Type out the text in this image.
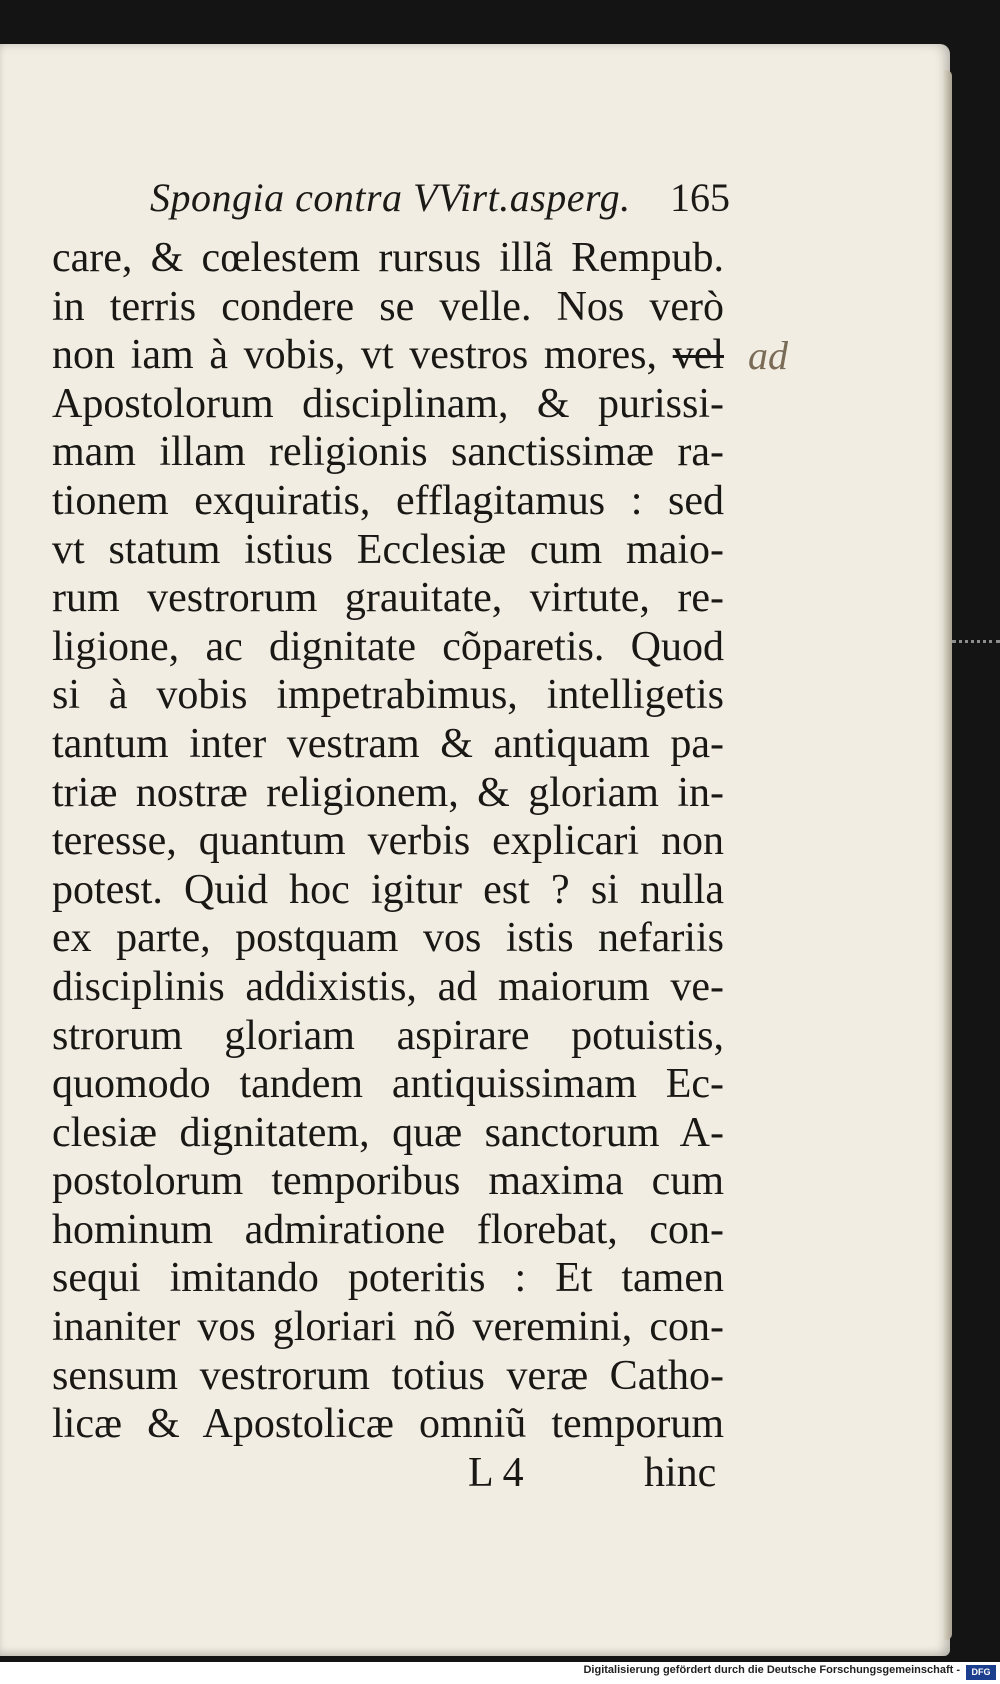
Spongia contra VVirt.asperg. 165
care, & cœlestem rursus illã Rempub.
in terris condere se velle. Nos verò
non iam à vobis, vt vestros mores, vel
Apostolorum disciplinam, & purissi-
mam illam religionis sanctissimæ ra-
tionem exquiratis, efflagitamus : sed
vt statum istius Ecclesiæ cum maio-
rum vestrorum grauitate, virtute, re-
ligione, ac dignitate cõparetis. Quod
si à vobis impetrabimus, intelligetis
tantum inter vestram & antiquam pa-
triæ nostræ religionem, & gloriam in-
teresse, quantum verbis explicari non
potest. Quid hoc igitur est ? si nulla
ex parte, postquam vos istis nefariis
disciplinis addixistis, ad maiorum ve-
strorum gloriam aspirare potuistis,
quomodo tandem antiquissimam Ec-
clesiæ dignitatem, quæ sanctorum A-
postolorum temporibus maxima cum
hominum admiratione florebat, con-
sequi imitando poteritis : Et tamen
inaniter vos gloriari nõ veremini, con-
sensum vestrorum totius veræ Catho-
licæ & Apostolicæ omniũ temporum
ad
L 4	hinc
Digitalisierung gefördert durch die Deutsche Forschungsgemeinschaft -	DFG
